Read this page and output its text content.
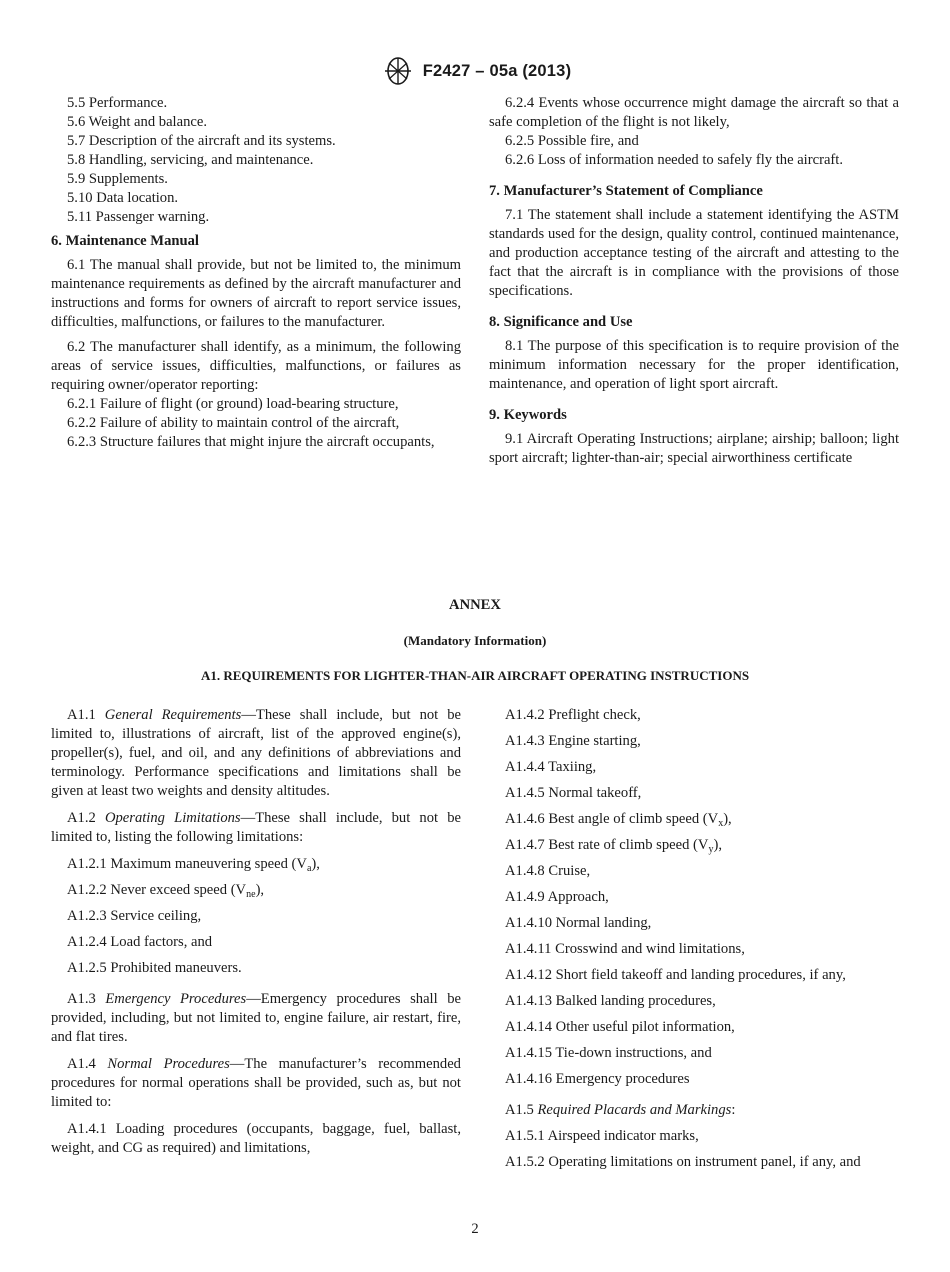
F2427 – 05a (2013)

5.5 Performance.

5.6 Weight and balance.

5.7 Description of the aircraft and its systems.

5.8 Handling, servicing, and maintenance.

5.9 Supplements.

5.10 Data location.

5.11 Passenger warning.

6. Maintenance Manual

6.1 The manual shall provide, but not be limited to, the minimum maintenance requirements as defined by the aircraft manufacturer and instructions and forms for owners of aircraft to report service issues, difficulties, malfunctions, or failures to the manufacturer.

6.2 The manufacturer shall identify, as a minimum, the following areas of service issues, difficulties, malfunctions, or failures as requiring owner/operator reporting:

6.2.1 Failure of flight (or ground) load-bearing structure,

6.2.2 Failure of ability to maintain control of the aircraft,

6.2.3 Structure failures that might injure the aircraft occupants,

6.2.4 Events whose occurrence might damage the aircraft so that a safe completion of the flight is not likely,

6.2.5 Possible fire, and

6.2.6 Loss of information needed to safely fly the aircraft.

7. Manufacturer’s Statement of Compliance

7.1 The statement shall include a statement identifying the ASTM standards used for the design, quality control, continued maintenance, and production acceptance testing of the aircraft and attesting to the fact that the aircraft is in compliance with the provisions of those specifications.

8. Significance and Use

8.1 The purpose of this specification is to require provision of the minimum information necessary for the proper identification, maintenance, and operation of light sport aircraft.

9. Keywords

9.1 Aircraft Operating Instructions; airplane; airship; balloon; light sport aircraft; lighter-than-air; special airworthiness certificate

ANNEX
(Mandatory Information)
A1. REQUIREMENTS FOR LIGHTER-THAN-AIR AIRCRAFT OPERATING INSTRUCTIONS

A1.1 General Requirements—These shall include, but not be limited to, illustrations of aircraft, list of the approved engine(s), propeller(s), fuel, and oil, and any definitions of abbreviations and terminology. Performance specifications and limitations shall be given at least two weights and density altitudes.

A1.2 Operating Limitations—These shall include, but not be limited to, listing the following limitations:

A1.2.1 Maximum maneuvering speed $(V_a)$,

A1.2.2 Never exceed speed $(V_{ne})$,

A1.2.3 Service ceiling,

A1.2.4 Load factors, and

A1.2.5 Prohibited maneuvers.

A1.3 Emergency Procedures—Emergency procedures shall be provided, including, but not limited to, engine failure, air restart, fire, and flat tires.

A1.4 Normal Procedures—The manufacturer’s recommended procedures for normal operations shall be provided, such as, but not limited to:

A1.4.1 Loading procedures (occupants, baggage, fuel, ballast, weight, and CG as required) and limitations,

A1.4.2 Preflight check,

A1.4.3 Engine starting,

A1.4.4 Taxiing,

A1.4.5 Normal takeoff,

A1.4.6 Best angle of climb speed $(V_x)$,

A1.4.7 Best rate of climb speed $(V_y)$,

A1.4.8 Cruise,

A1.4.9 Approach,

A1.4.10 Normal landing,

A1.4.11 Crosswind and wind limitations,

A1.4.12 Short field takeoff and landing procedures, if any,

A1.4.13 Balked landing procedures,

A1.4.14 Other useful pilot information,

A1.4.15 Tie-down instructions, and

A1.4.16 Emergency procedures

A1.5 Required Placards and Markings:

A1.5.1 Airspeed indicator marks,

A1.5.2 Operating limitations on instrument panel, if any, and

2
